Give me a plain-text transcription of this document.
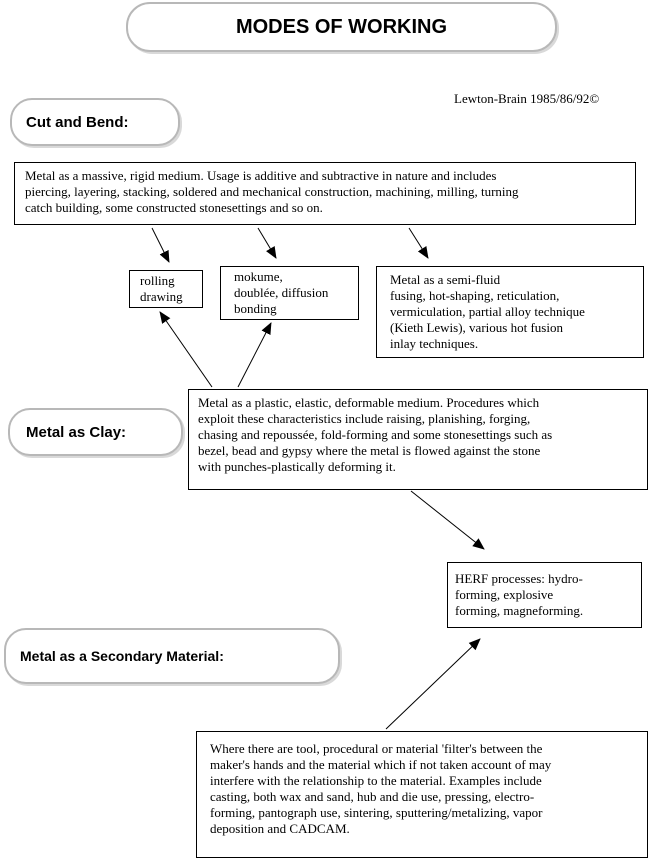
MODES OF WORKING
Lewton-Brain 1985/86/92©
Cut and Bend:
Metal as Clay:
Metal as a Secondary Material:
Metal as a massive, rigid medium. Usage is additive and subtractive in nature and includes
piercing, layering, stacking, soldered and mechanical construction, machining, milling, turning
catch building, some constructed stonesettings and so on.
rolling
drawing
mokume,
doublée, diffusion
bonding
Metal as a semi-fluid
fusing, hot-shaping, reticulation,
vermiculation, partial alloy technique
(Kieth Lewis), various hot fusion
inlay techniques.
Metal as a plastic, elastic, deformable medium. Procedures which
exploit these characteristics include raising, planishing, forging,
chasing and repoussée, fold-forming and some stonesettings such as
bezel, bead and gypsy where the metal is flowed against the stone
with punches-plastically deforming it.
HERF processes: hydro-
forming, explosive
forming, magneforming.
Where there are tool, procedural or material 'filter's between the
maker's hands and the material which if not taken account of may
interfere with the relationship to the material. Examples include
casting, both wax and sand, hub and die use, pressing, electro-
forming, pantograph use, sintering, sputtering/metalizing, vapor
deposition and CADCAM.
